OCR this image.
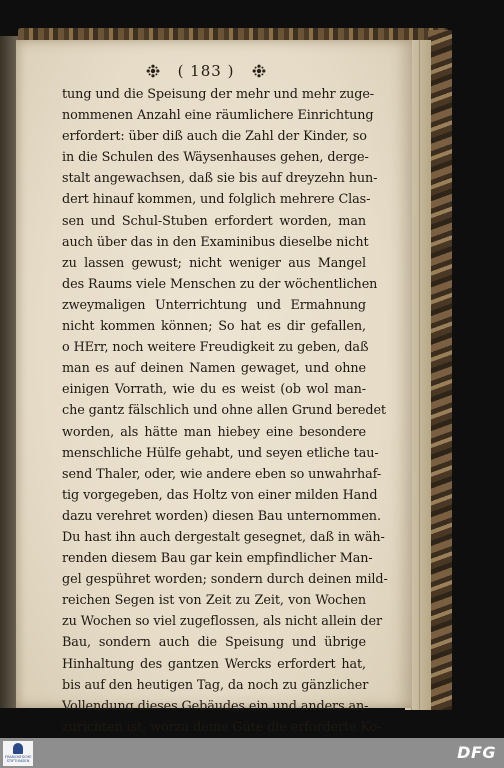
( 183 )
tung und die Speisung der mehr und mehr zuge-
nommenen Anzahl eine räumlichere Einrichtung
erfordert: über diß auch die Zahl der Kinder, so
in die Schulen des Wäysenhauses gehen, derge-
stalt angewachsen, daß sie bis auf dreyzehn hun-
dert hinauf kommen, und folglich mehrere Clas-
sen und Schul-Stuben erfordert worden, man
auch über das in den Examinibus dieselbe nicht
zu lassen gewust; nicht weniger aus Mangel
des Raums viele Menschen zu der wöchentlichen
zweymaligen Unterrichtung und Ermahnung
nicht kommen können; So hat es dir gefallen,
o HErr, noch weitere Freudigkeit zu geben, daß
man es auf deinen Namen gewaget, und ohne
einigen Vorrath, wie du es weist (ob wol man-
che gantz fälschlich und ohne allen Grund beredet
worden, als hätte man hiebey eine besondere
menschliche Hülfe gehabt, und seyen etliche tau-
send Thaler, oder, wie andere eben so unwahrhaf-
tig vorgegeben, das Holtz von einer milden Hand
dazu verehret worden) diesen Bau unternommen.
Du hast ihn auch dergestalt gesegnet, daß in wäh-
renden diesem Bau gar kein empfindlicher Man-
gel gespühret worden; sondern durch deinen mild-
reichen Segen ist von Zeit zu Zeit, von Wochen
zu Wochen so viel zugeflossen, als nicht allein der
Bau, sondern auch die Speisung und übrige
Hinhaltung des gantzen Wercks erfordert hat,
bis auf den heutigen Tag, da noch zu gänzlicher
Vollendung dieses Gebäudes ein und anders an-
zurichten ist, worzu deine Güte die erforderte Ko-
FRANCKESCHE STIFTUNGEN	DFG
